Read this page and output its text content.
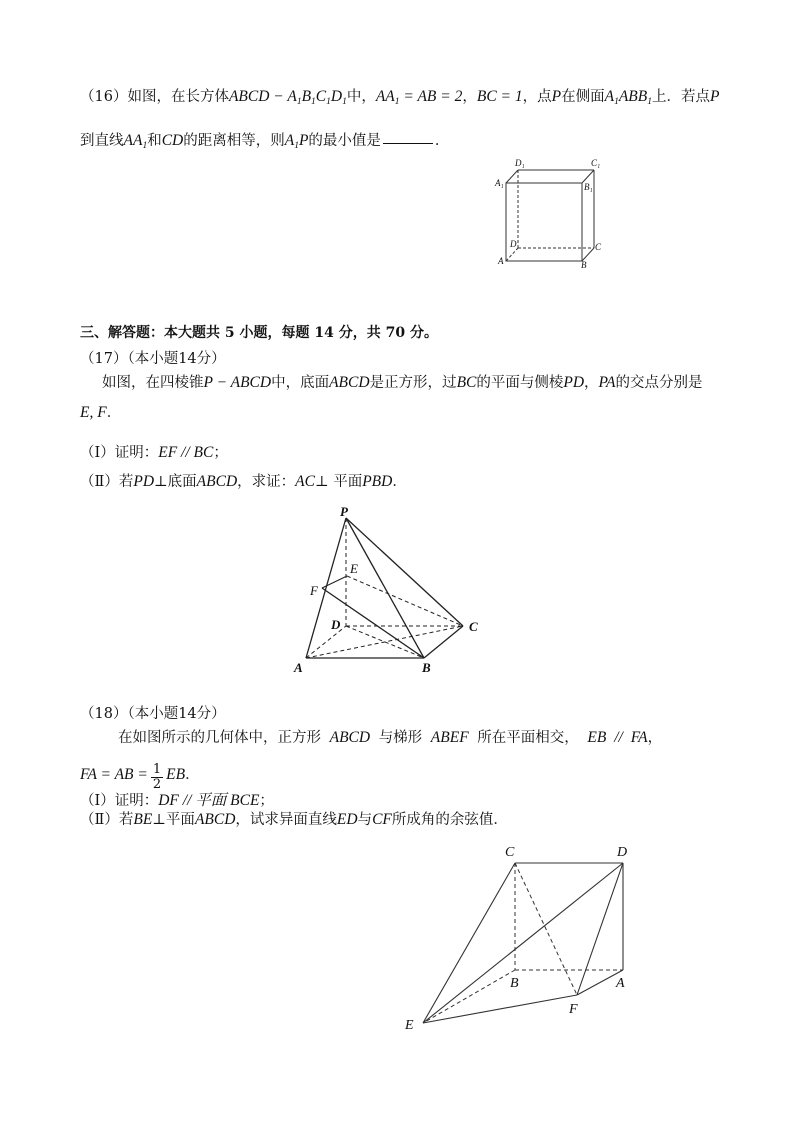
（16）如图，在长方体ABCD − $A_1B_1C_1D_1$中，$AA_1$ = AB = 2，BC = 1，点P在侧面$A_1ABB_1$上．若点P
到直线$AA_1$和CD的距离相等，则$A_1P$的最小值是	．
D₁	C₁
A₁	B₁
D	C
A	B
三、解答题：本大题共 5 小题，每题 14 分，共 70 分。
（17）（本小题14分）
如图，在四棱锥P − ABCD中，底面ABCD是正方形，过BC的平面与侧棱PD，PA的交点分别是
E, F．
（Ⅰ）证明：EF // BC；
（Ⅱ）若PD⊥底面ABCD，求证：AC⊥ 平面PBD．
P
E
F
D	C
A	B
（18）（本小题14分）
在如图所示的几何体中，正方形 ABCD 与梯形 ABEF 所在平面相交， EB // FA，
FA = AB = $\frac{1}{2}$ EB．
（Ⅰ）证明：DF // 平面 BCE；
（Ⅱ）若BE⊥平面ABCD，试求异面直线ED与CF所成角的余弦值．
C	D
B	A
F
E
